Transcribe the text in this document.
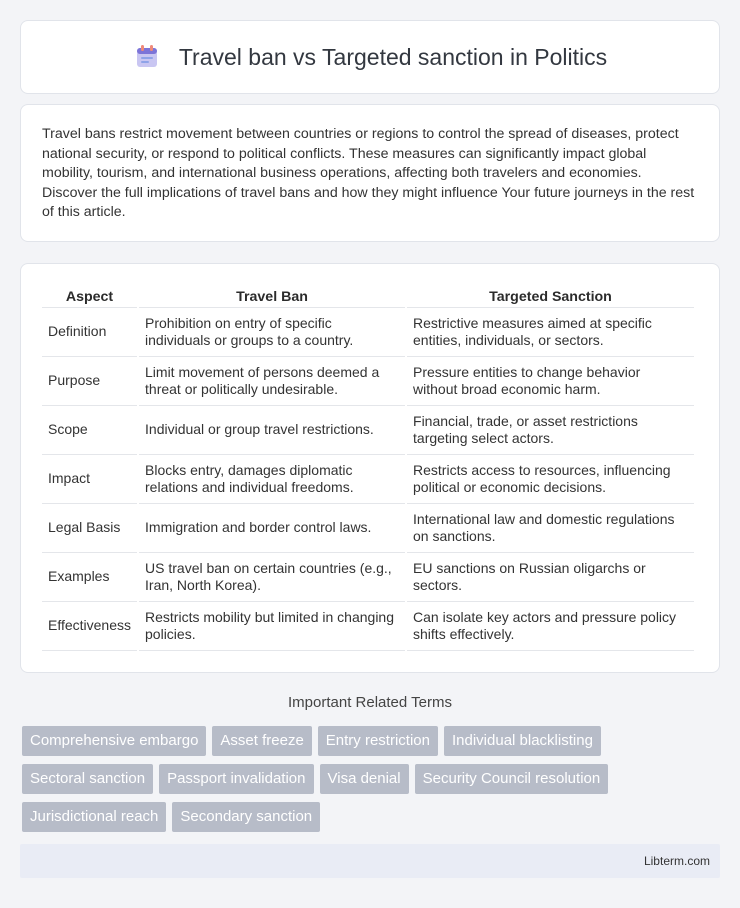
Travel ban vs Targeted sanction in Politics

Travel bans restrict movement between countries or regions to control the spread of diseases, protect national security, or respond to political conflicts. These measures can significantly impact global mobility, tourism, and international business operations, affecting both travelers and economies. Discover the full implications of travel bans and how they might influence Your future journeys in the rest of this article.

Aspect	Travel Ban	Targeted Sanction
Definition	Prohibition on entry of specific individuals or groups to a country.	Restrictive measures aimed at specific entities, individuals, or sectors.
Purpose	Limit movement of persons deemed a threat or politically undesirable.	Pressure entities to change behavior without broad economic harm.
Scope	Individual or group travel restrictions.	Financial, trade, or asset restrictions targeting select actors.
Impact	Blocks entry, damages diplomatic relations and individual freedoms.	Restricts access to resources, influencing political or economic decisions.
Legal Basis	Immigration and border control laws.	International law and domestic regulations on sanctions.
Examples	US travel ban on certain countries (e.g., Iran, North Korea).	EU sanctions on Russian oligarchs or sectors.
Effectiveness	Restricts mobility but limited in changing policies.	Can isolate key actors and pressure policy shifts effectively.
Important Related Terms
Comprehensive embargo	Asset freeze	Entry restriction	Individual blacklisting
Sectoral sanction	Passport invalidation	Visa denial	Security Council resolution
Jurisdictional reach	Secondary sanction
Libterm.com
